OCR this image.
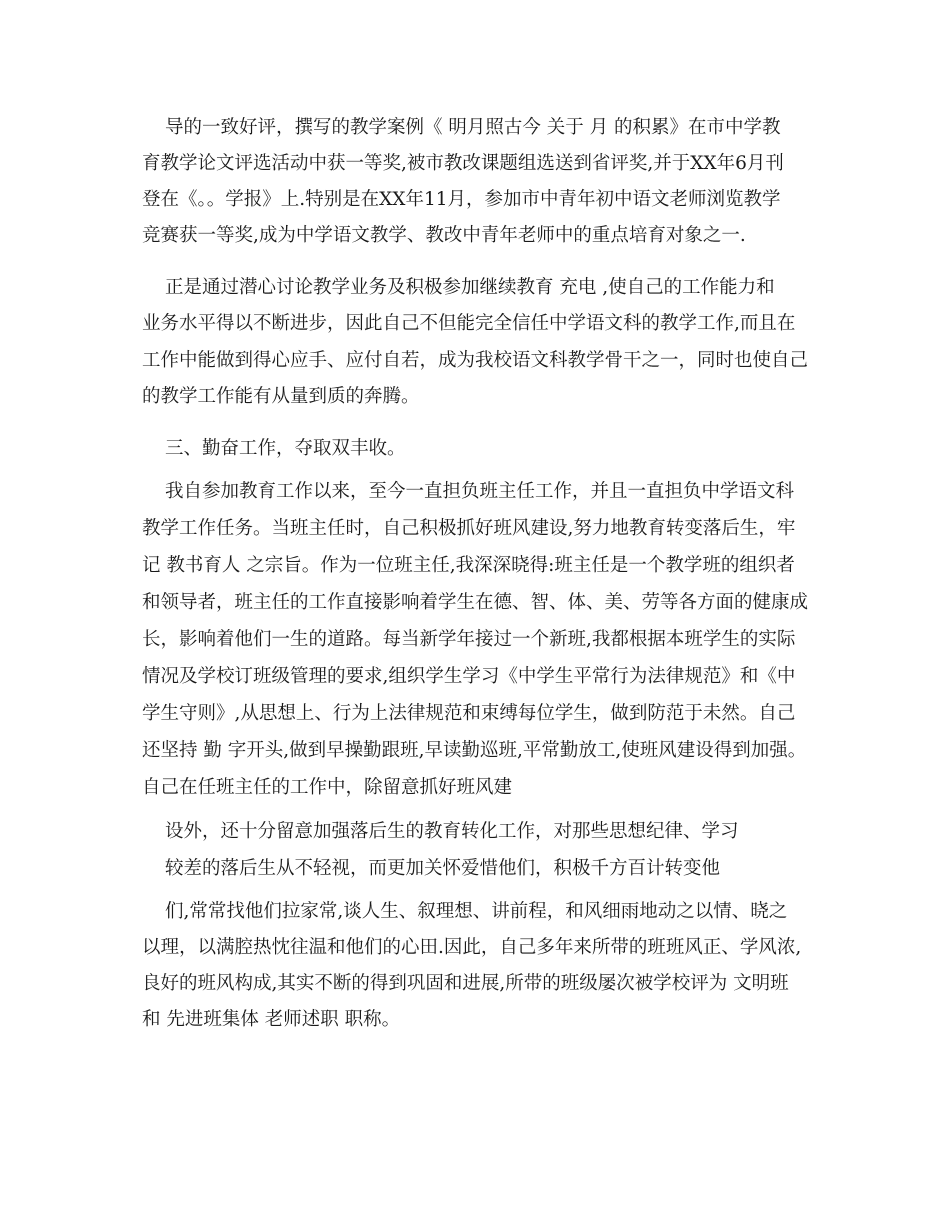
导的一致好评，撰写的教学案例《 明月照古今 关于 月 的积累》在市中学教
育教学论文评选活动中获一等奖,被市教改课题组选送到省评奖,并于XX年6月刊
登在《。。学报》上.特别是在XX年11月，参加市中青年初中语文老师浏览教学
竞赛获一等奖,成为中学语文教学、教改中青年老师中的重点培育对象之一.
正是通过潜心讨论教学业务及积极参加继续教育 充电 ,使自己的工作能力和
业务水平得以不断进步，因此自己不但能完全信任中学语文科的教学工作,而且在
工作中能做到得心应手、应付自若，成为我校语文科教学骨干之一，同时也使自己
的教学工作能有从量到质的奔腾。
三、勤奋工作，夺取双丰收。
我自参加教育工作以来，至今一直担负班主任工作，并且一直担负中学语文科
教学工作任务。当班主任时，自己积极抓好班风建设,努力地教育转变落后生，牢
记 教书育人 之宗旨。作为一位班主任,我深深晓得:班主任是一个教学班的组织者
和领导者，班主任的工作直接影响着学生在德、智、体、美、劳等各方面的健康成
长，影响着他们一生的道路。每当新学年接过一个新班,我都根据本班学生的实际
情况及学校订班级管理的要求,组织学生学习《中学生平常行为法律规范》和《中
学生守则》,从思想上、行为上法律规范和束缚每位学生，做到防范于未然。自己
还坚持 勤 字开头,做到早操勤跟班,早读勤巡班,平常勤放工,使班风建设得到加强。
自己在任班主任的工作中，除留意抓好班风建
设外，还十分留意加强落后生的教育转化工作，对那些思想纪律、学习
较差的落后生从不轻视，而更加关怀爱惜他们，积极千方百计转变他
们,常常找他们拉家常,谈人生、叙理想、讲前程，和风细雨地动之以情、晓之
以理，以满腔热忱往温和他们的心田.因此，自己多年来所带的班班风正、学风浓,
良好的班风构成,其实不断的得到巩固和进展,所带的班级屡次被学校评为 文明班
和 先进班集体 老师述职 职称。
